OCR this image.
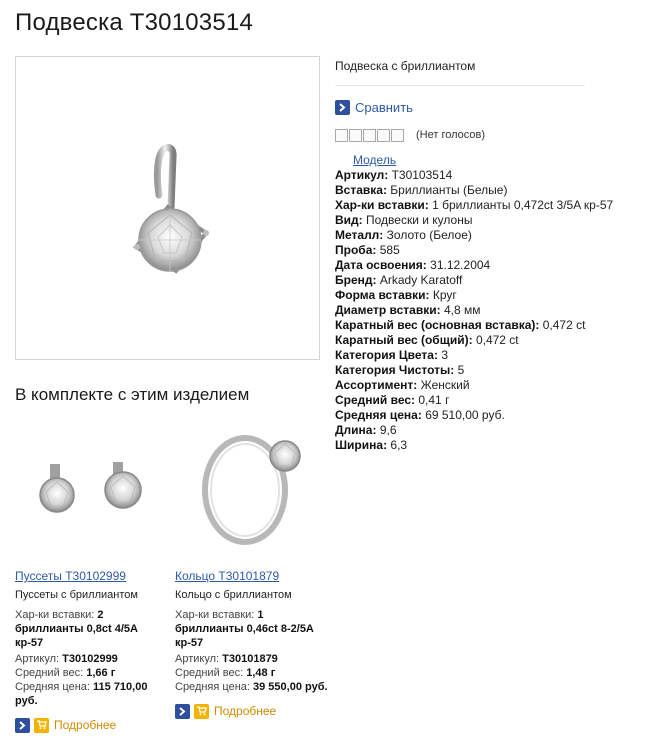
Подвеска T30103514
Подвеска с бриллиантом
Сравнить
(Нет голосов)
Модель
Артикул: T30103514
Вставка: Бриллианты (Белые)
Хар-ки вставки: 1 бриллианты 0,472ct 3/5A кр-57
Вид: Подвески и кулоны
Металл: Золото (Белое)
Проба: 585
Дата освоения: 31.12.2004
Бренд: Arkady Karatoff
Форма вставки: Круг
Диаметр вставки: 4,8 мм
Каратный вес (основная вставка): 0,472 ct
Каратный вес (общий): 0,472 ct
Категория Цвета: 3
Категория Чистоты: 5
Ассортимент: Женский
Средний вес: 0,41 г
Средняя цена: 69 510,00 руб.
Длина: 9,6
Ширина: 6,3
В комплекте с этим изделием
Пуссеты T30102999
Пуссеты с бриллиантом
Хар-ки вставки: 2
бриллианты 0,8ct 4/5A
кр-57
Артикул: T30102999
Средний вес: 1,66 г
Средняя цена: 115 710,00
руб.
Подробнее
Кольцо T30101879
Кольцо с бриллиантом
Хар-ки вставки: 1
бриллианты 0,46ct 8-2/5A
кр-57
Артикул: T30101879
Средний вес: 1,48 г
Средняя цена: 39 550,00 руб.
Подробнее
